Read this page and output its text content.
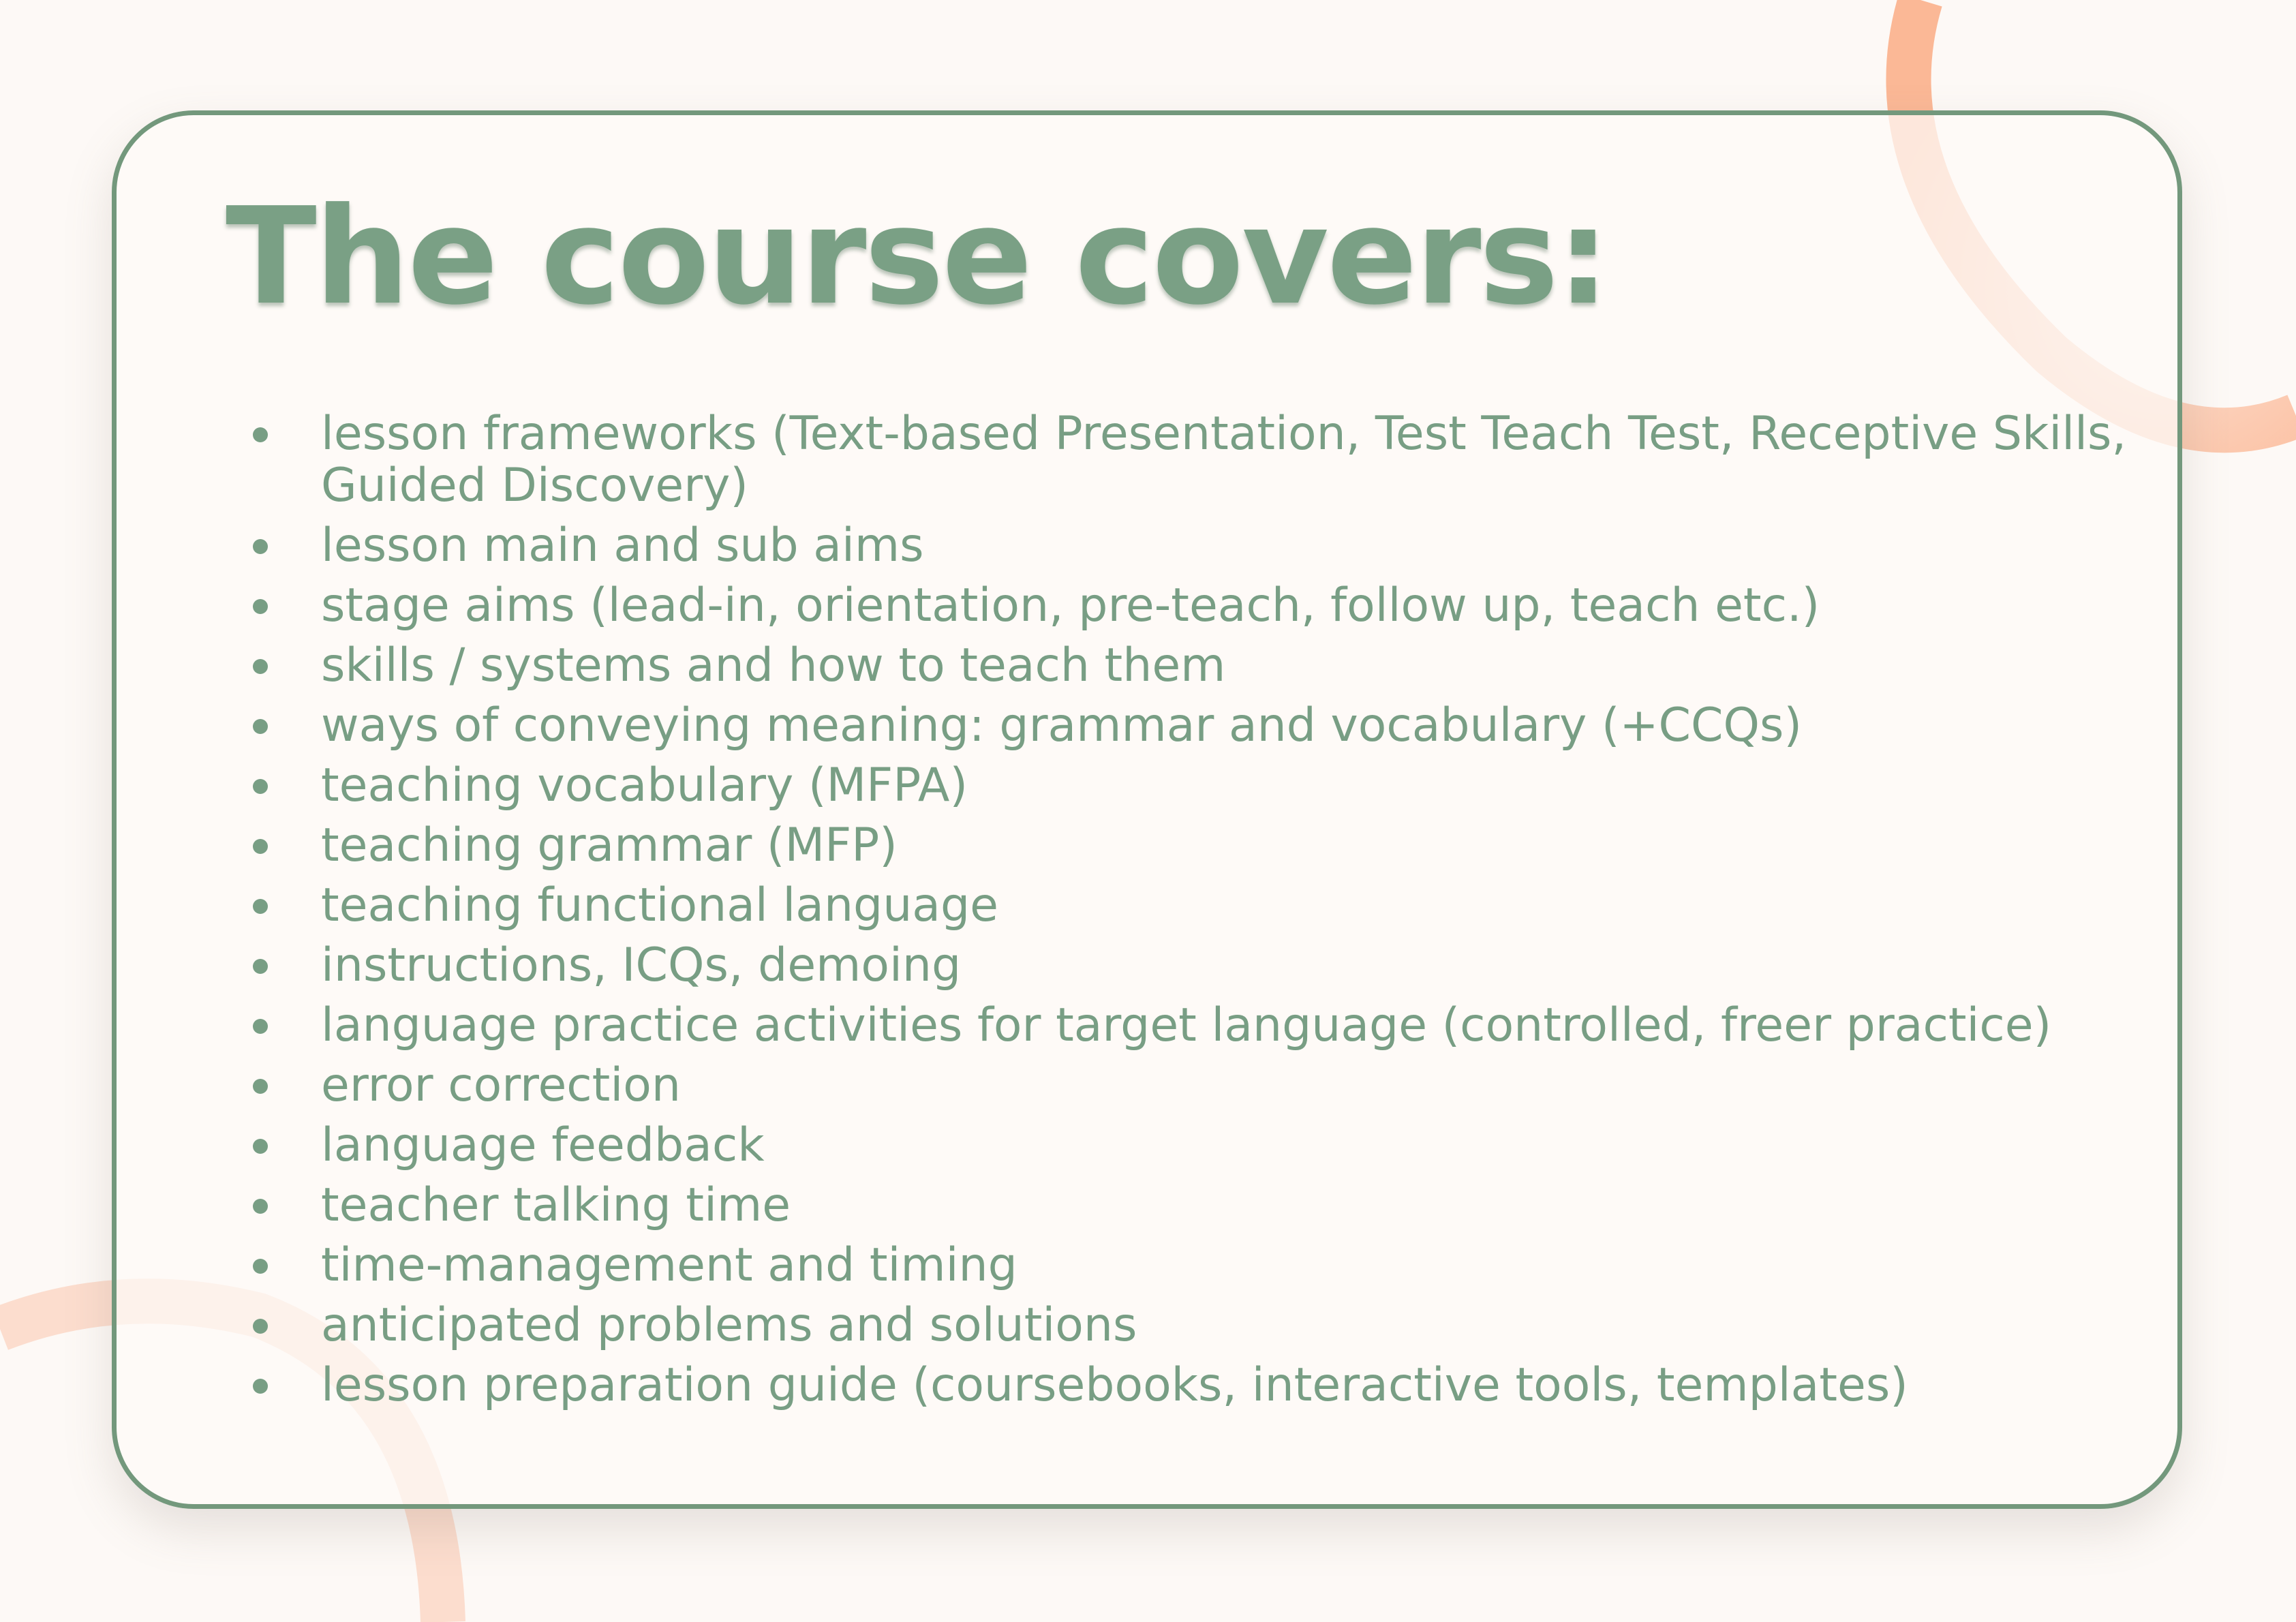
The course covers:
lesson frameworks (Text-based Presentation, Test Teach Test, Receptive Skills, Guided Discovery)
lesson main and sub aims
stage aims (lead-in, orientation, pre-teach, follow up, teach etc.)
skills / systems and how to teach them
ways of conveying meaning: grammar and vocabulary (+CCQs)
teaching vocabulary (MFPA)
teaching grammar (MFP)
teaching functional language
instructions, ICQs, demoing
language practice activities for target language (controlled, freer practice)
error correction
language feedback
teacher talking time
time-management and timing
anticipated problems and solutions
lesson preparation guide (coursebooks, interactive tools, templates)
